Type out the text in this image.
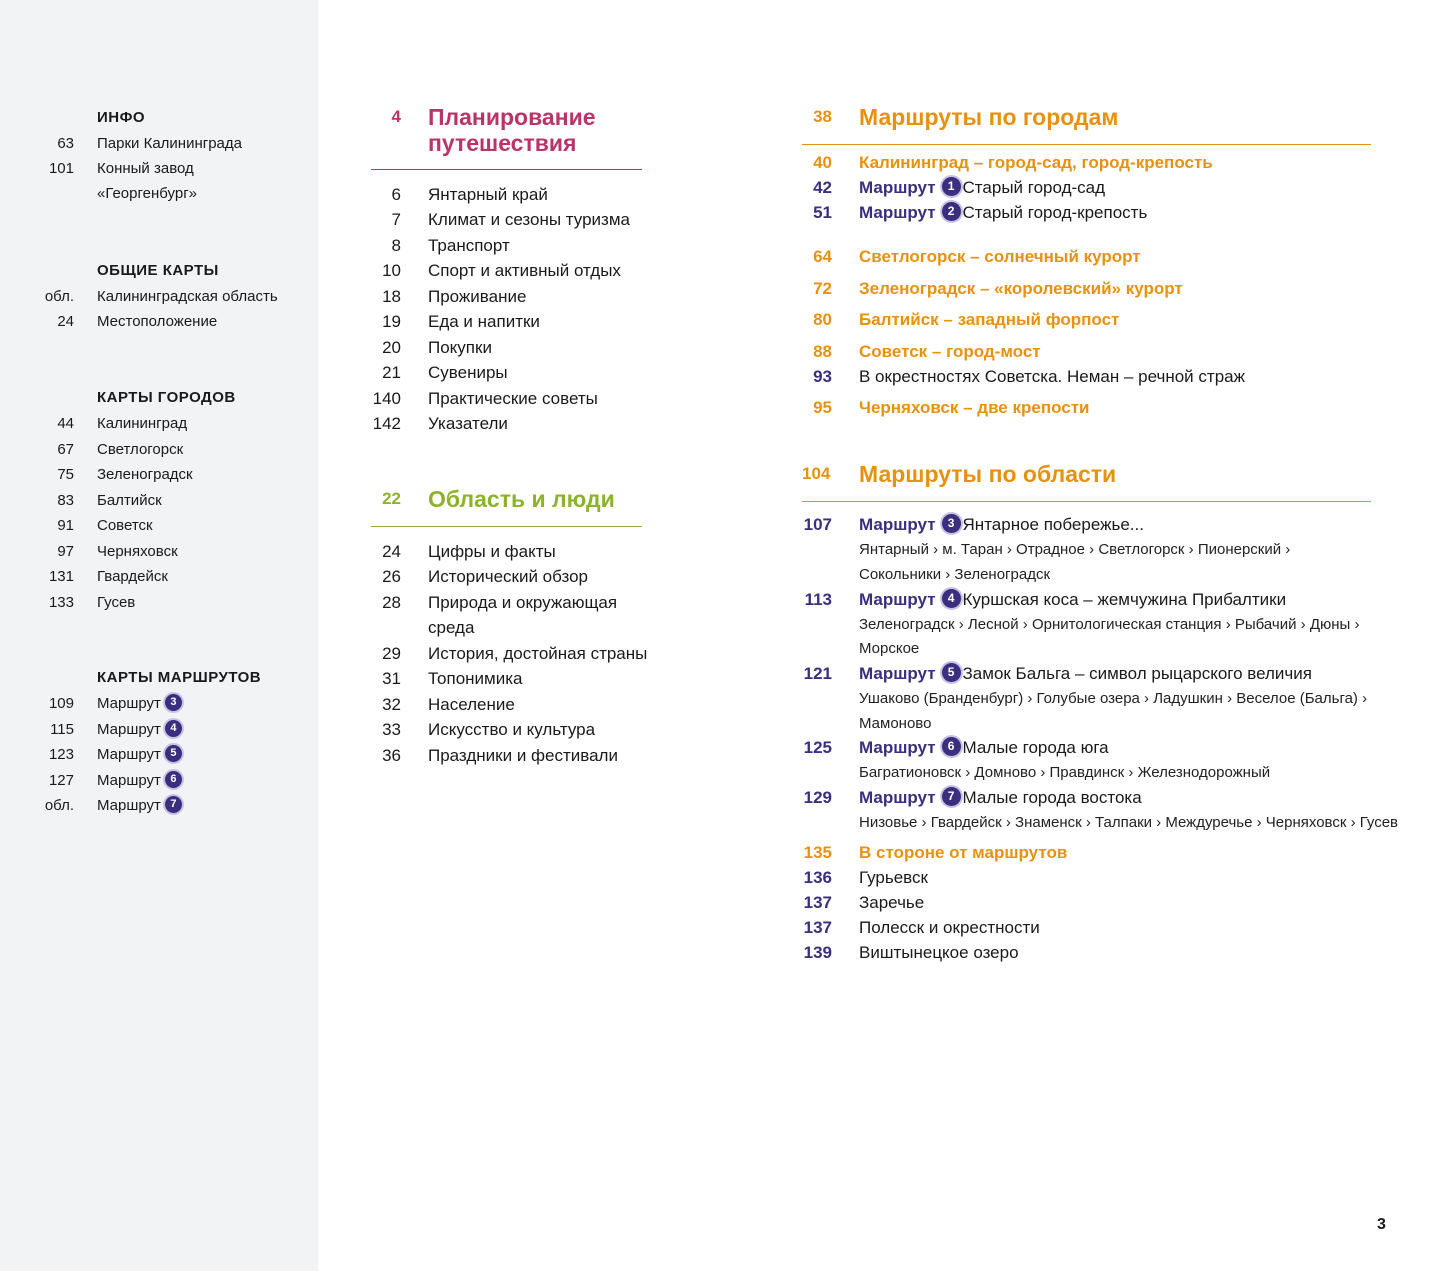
ИНФО
63 Парки Калининграда
101 Конный завод
«Георгенбург»
ОБЩИЕ КАРТЫ
обл. Калининградская область
24 Местоположение
КАРТЫ ГОРОДОВ
44 Калининград
67 Светлогорск
75 Зеленоградск
83 Балтийск
91 Советск
97 Черняховск
131 Гвардейск
133 Гусев
КАРТЫ МАРШРУТОВ
109 Маршрут 3
115 Маршрут 4
123 Маршрут 5
127 Маршрут 6
обл. Маршрут 7
4 Планирование
путешествия
6 Янтарный край
7 Климат и сезоны туризма
8 Транспорт
10 Спорт и активный отдых
18 Проживание
19 Еда и напитки
20 Покупки
21 Сувениры
140 Практические советы
142 Указатели
22 Область и люди
24 Цифры и факты
26 Исторический обзор
28 Природа и окружающая
среда
29 История, достойная страны
31 Топонимика
32 Население
33 Искусство и культура
36 Праздники и фестивали
38 Маршруты по городам
40 Калининград – город-сад, город-крепость
42 Маршрут 1 Старый город-сад
51 Маршрут 2 Старый город-крепость
64 Светлогорск – солнечный курорт
72 Зеленоградск – «королевский» курорт
80 Балтийск – западный форпост
88 Советск – город-мост
93 В окрестностях Советска. Неман – речной страж
95 Черняховск – две крепости
104 Маршруты по области
107 Маршрут 3 Янтарное побережье...
Янтарный › м. Таран › Отрадное › Светлогорск › Пионерский ›
Сокольники › Зеленоградск
113 Маршрут 4 Куршская коса – жемчужина Прибалтики
Зеленоградск › Лесной › Орнитологическая станция › Рыбачий › Дюны ›
Морское
121 Маршрут 5 Замок Бальга – символ рыцарского величия
Ушаково (Бранденбург) › Голубые озера › Ладушкин › Веселое (Бальга) ›
Мамоново
125 Маршрут 6 Малые города юга
Багратионовск › Домново › Правдинск › Железнодорожный
129 Маршрут 7 Малые города востока
Низовье › Гвардейск › Знаменск › Талпаки › Междуречье › Черняховск › Гусев
135 В стороне от маршрутов
136 Гурьевск
137 Заречье
137 Полесск и окрестности
139 Виштынецкое озеро
3
